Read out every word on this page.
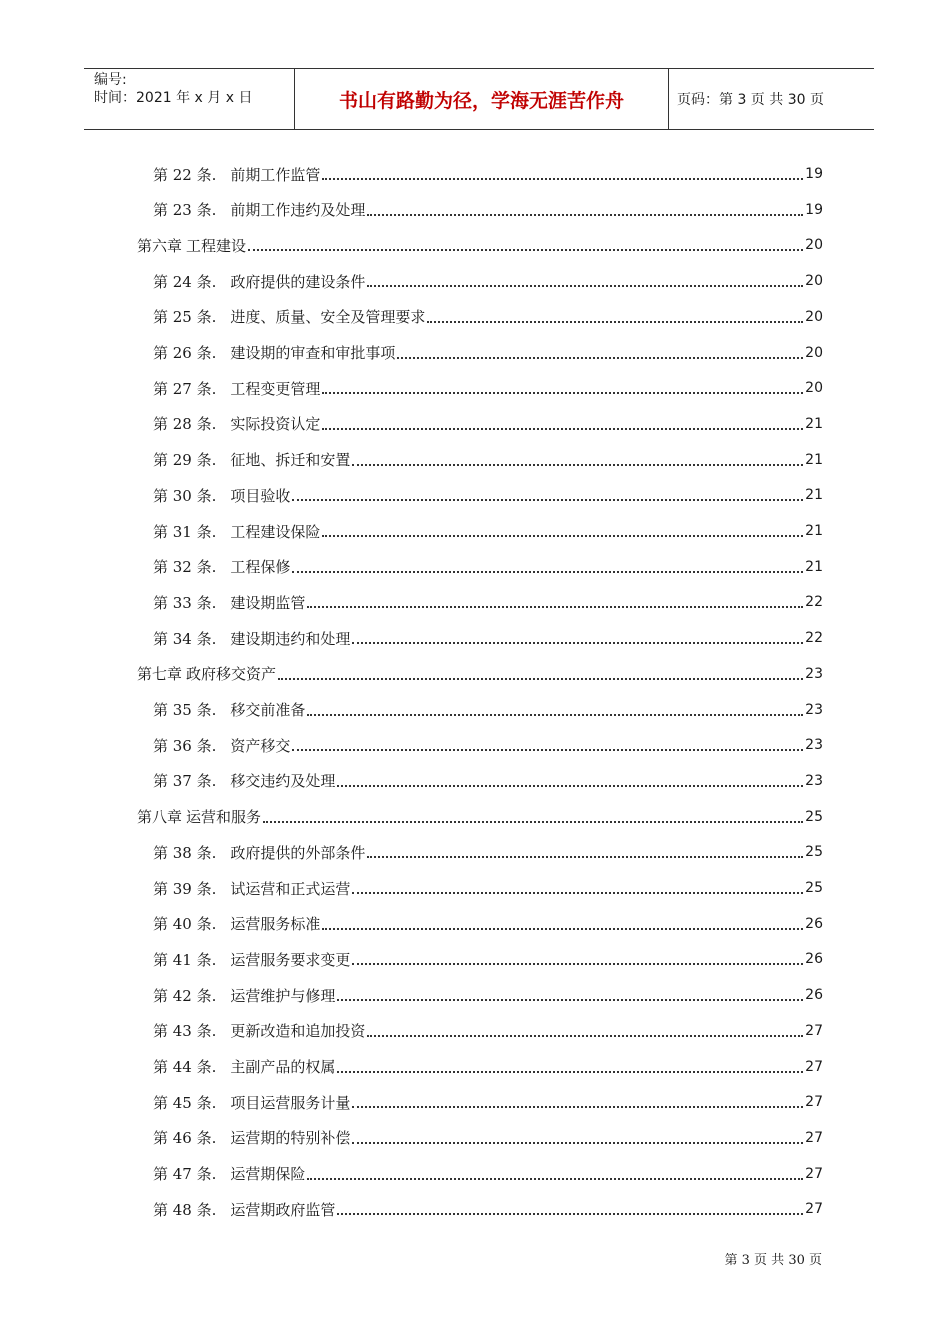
编号:
时间：2021 年 x 月 x 日	书山有路勤为径，学海无涯苦作舟	页码：第 3 页 共 30 页
第 22 条. 前期工作监管	19
第 23 条. 前期工作违约及处理	19
第六章 工程建设	20
第 24 条. 政府提供的建设条件	20
第 25 条. 进度、质量、安全及管理要求	20
第 26 条. 建设期的审查和审批事项	20
第 27 条. 工程变更管理	20
第 28 条. 实际投资认定	21
第 29 条. 征地、拆迁和安置	21
第 30 条. 项目验收	21
第 31 条. 工程建设保险	21
第 32 条. 工程保修	21
第 33 条. 建设期监管	22
第 34 条. 建设期违约和处理	22
第七章 政府移交资产	23
第 35 条. 移交前准备	23
第 36 条. 资产移交	23
第 37 条. 移交违约及处理	23
第八章 运营和服务	25
第 38 条. 政府提供的外部条件	25
第 39 条. 试运营和正式运营	25
第 40 条. 运营服务标准	26
第 41 条. 运营服务要求变更	26
第 42 条. 运营维护与修理	26
第 43 条. 更新改造和追加投资	27
第 44 条. 主副产品的权属	27
第 45 条. 项目运营服务计量	27
第 46 条. 运营期的特别补偿	27
第 47 条. 运营期保险	27
第 48 条. 运营期政府监管	27
第 3 页 共 30 页
